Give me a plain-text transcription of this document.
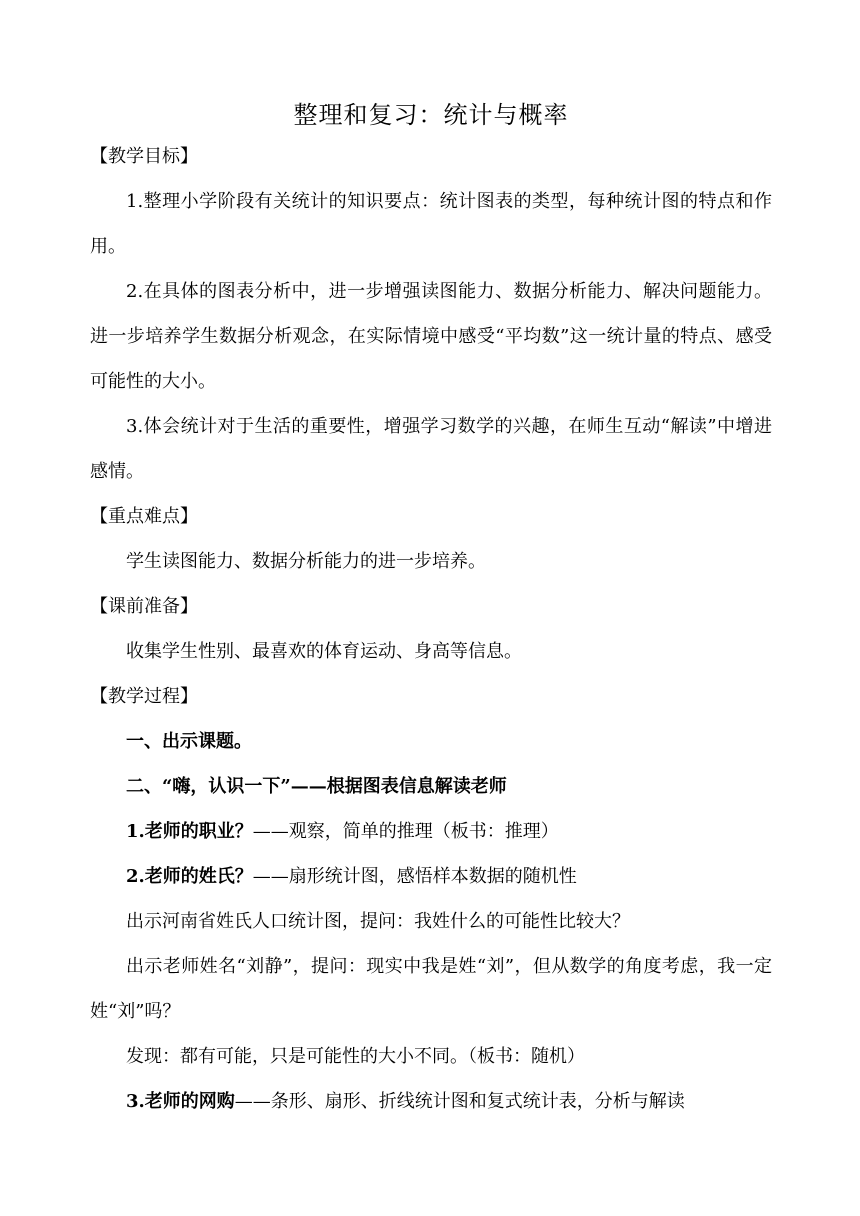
整理和复习：统计与概率

【教学目标】

1.整理小学阶段有关统计的知识要点：统计图表的类型，每种统计图的特点和作用。

2.在具体的图表分析中，进一步增强读图能力、数据分析能力、解决问题能力。进一步培养学生数据分析观念，在实际情境中感受“平均数”这一统计量的特点、感受可能性的大小。

3.体会统计对于生活的重要性，增强学习数学的兴趣，在师生互动“解读”中增进感情。

【重点难点】

学生读图能力、数据分析能力的进一步培养。

【课前准备】

收集学生性别、最喜欢的体育运动、身高等信息。

【教学过程】

一、出示课题。

二、“嗨，认识一下”——根据图表信息解读老师

1.老师的职业？——观察，简单的推理（板书：推理）

2.老师的姓氏？——扇形统计图，感悟样本数据的随机性

出示河南省姓氏人口统计图，提问：我姓什么的可能性比较大？

出示老师姓名“刘静”，提问：现实中我是姓“刘”，但从数学的角度考虑，我一定姓“刘”吗？

发现：都有可能，只是可能性的大小不同。（板书：随机）

3.老师的网购——条形、扇形、折线统计图和复式统计表，分析与解读
